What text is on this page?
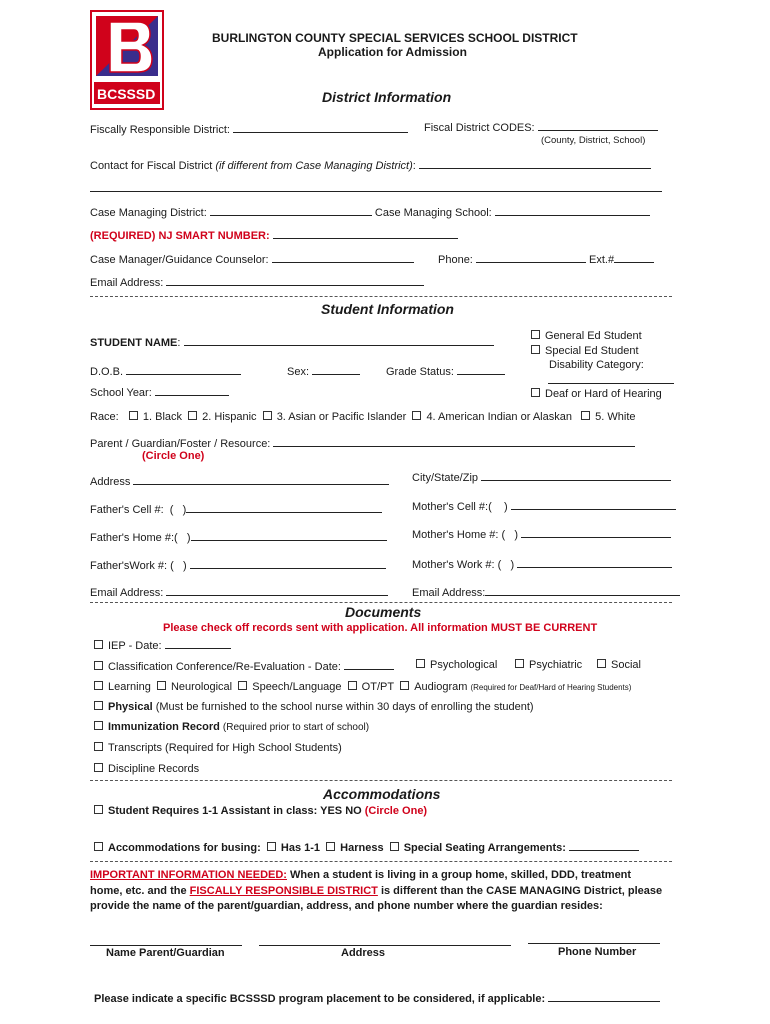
BCSSSD
BURLINGTON COUNTY SPECIAL SERVICES SCHOOL DISTRICT
Application for Admission
District Information
Fiscally Responsible District:	Fiscal District CODES:
(County, District, School)
Contact for Fiscal District (if different from Case Managing District):
Case Managing District:	Case Managing School:
(REQUIRED) NJ SMART NUMBER:
Case Manager/Guidance Counselor:	Phone:	Ext.#
Email Address:
Student Information
STUDENT NAME:
General Ed Student
Special Ed Student
Disability Category:
D.O.B.	Sex:	Grade Status:
School Year:	Deaf or Hard of Hearing
Race: 1. Black 2. Hispanic 3. Asian or Pacific Islander 4. American Indian or Alaskan 5. White
Parent / Guardian/Foster / Resource:
(Circle One)
Address	City/State/Zip
Father's Cell #:  (   )	Mother's Cell #:(    )
Father's Home #:(   )	Mother's Home #: (   )
Father'sWork #: (   )	Mother's Work #: (   )
Email Address:	Email Address:
Documents
Please check off records sent with application. All information MUST BE CURRENT
IEP - Date:
Classification Conference/Re-Evaluation - Date:	Psychological	Psychiatric	Social
Learning Neurological Speech/Language OT/PT Audiogram (Required for Deaf/Hard of Hearing Students)
Physical (Must be furnished to the school nurse within 30 days of enrolling the student)
Immunization Record (Required prior to start of school)
Transcripts (Required for High School Students)
Discipline Records
Accommodations
Student Requires 1-1 Assistant in class: YES NO (Circle One)
Accommodations for busing: Has 1-1 Harness Special Seating Arrangements:
IMPORTANT INFORMATION NEEDED: When a student is living in a group home, skilled, DDD, treatment
home, etc. and the FISCALLY RESPONSIBLE DISTRICT is different than the CASE MANAGING District, please
provide the name of the parent/guardian, address, and phone number where the guardian resides:
Name Parent/Guardian	Address	Phone Number
Please indicate a specific BCSSSD program placement to be considered, if applicable:
